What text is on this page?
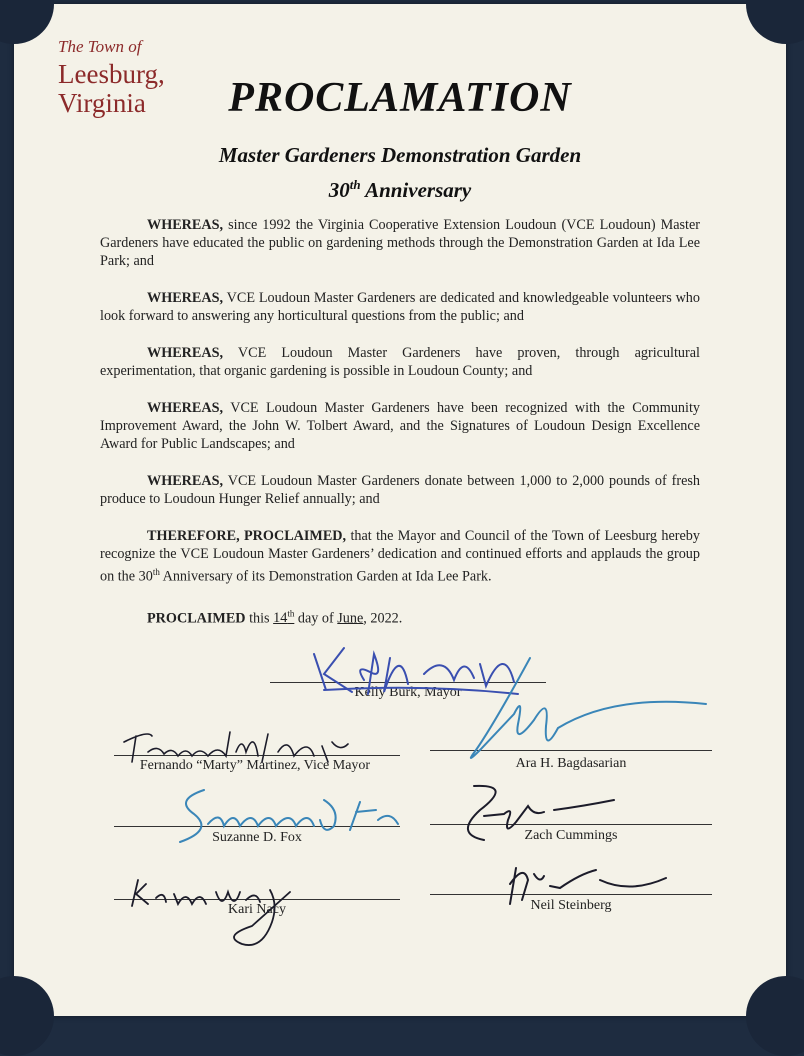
The Town of
Leesburg,
Virginia	PROCLAMATION
Master Gardeners Demonstration Garden
30th Anniversary

WHEREAS, since 1992 the Virginia Cooperative Extension Loudoun (VCE Loudoun) Master Gardeners have educated the public on gardening methods through the Demonstration Garden at Ida Lee Park; and

WHEREAS, VCE Loudoun Master Gardeners are dedicated and knowledgeable volunteers who look forward to answering any horticultural questions from the public; and

WHEREAS, VCE Loudoun Master Gardeners have proven, through agricultural experimentation, that organic gardening is possible in Loudoun County; and

WHEREAS, VCE Loudoun Master Gardeners have been recognized with the Community Improvement Award, the John W. Tolbert Award, and the Signatures of Loudoun Design Excellence Award for Public Landscapes; and

WHEREAS, VCE Loudoun Master Gardeners donate between 1,000 to 2,000 pounds of fresh produce to Loudoun Hunger Relief annually; and

THEREFORE, PROCLAIMED, that the Mayor and Council of the Town of Leesburg hereby recognize the VCE Loudoun Master Gardeners’ dedication and continued efforts and applauds the group on the 30th Anniversary of its Demonstration Garden at Ida Lee Park.

PROCLAIMED this 14th day of June, 2022.

Kelly Burk, Mayor
Fernando “Marty” Martinez, Vice Mayor	Ara H. Bagdasarian
Suzanne D. Fox	Zach Cummings
Kari Nacy	Neil Steinberg
